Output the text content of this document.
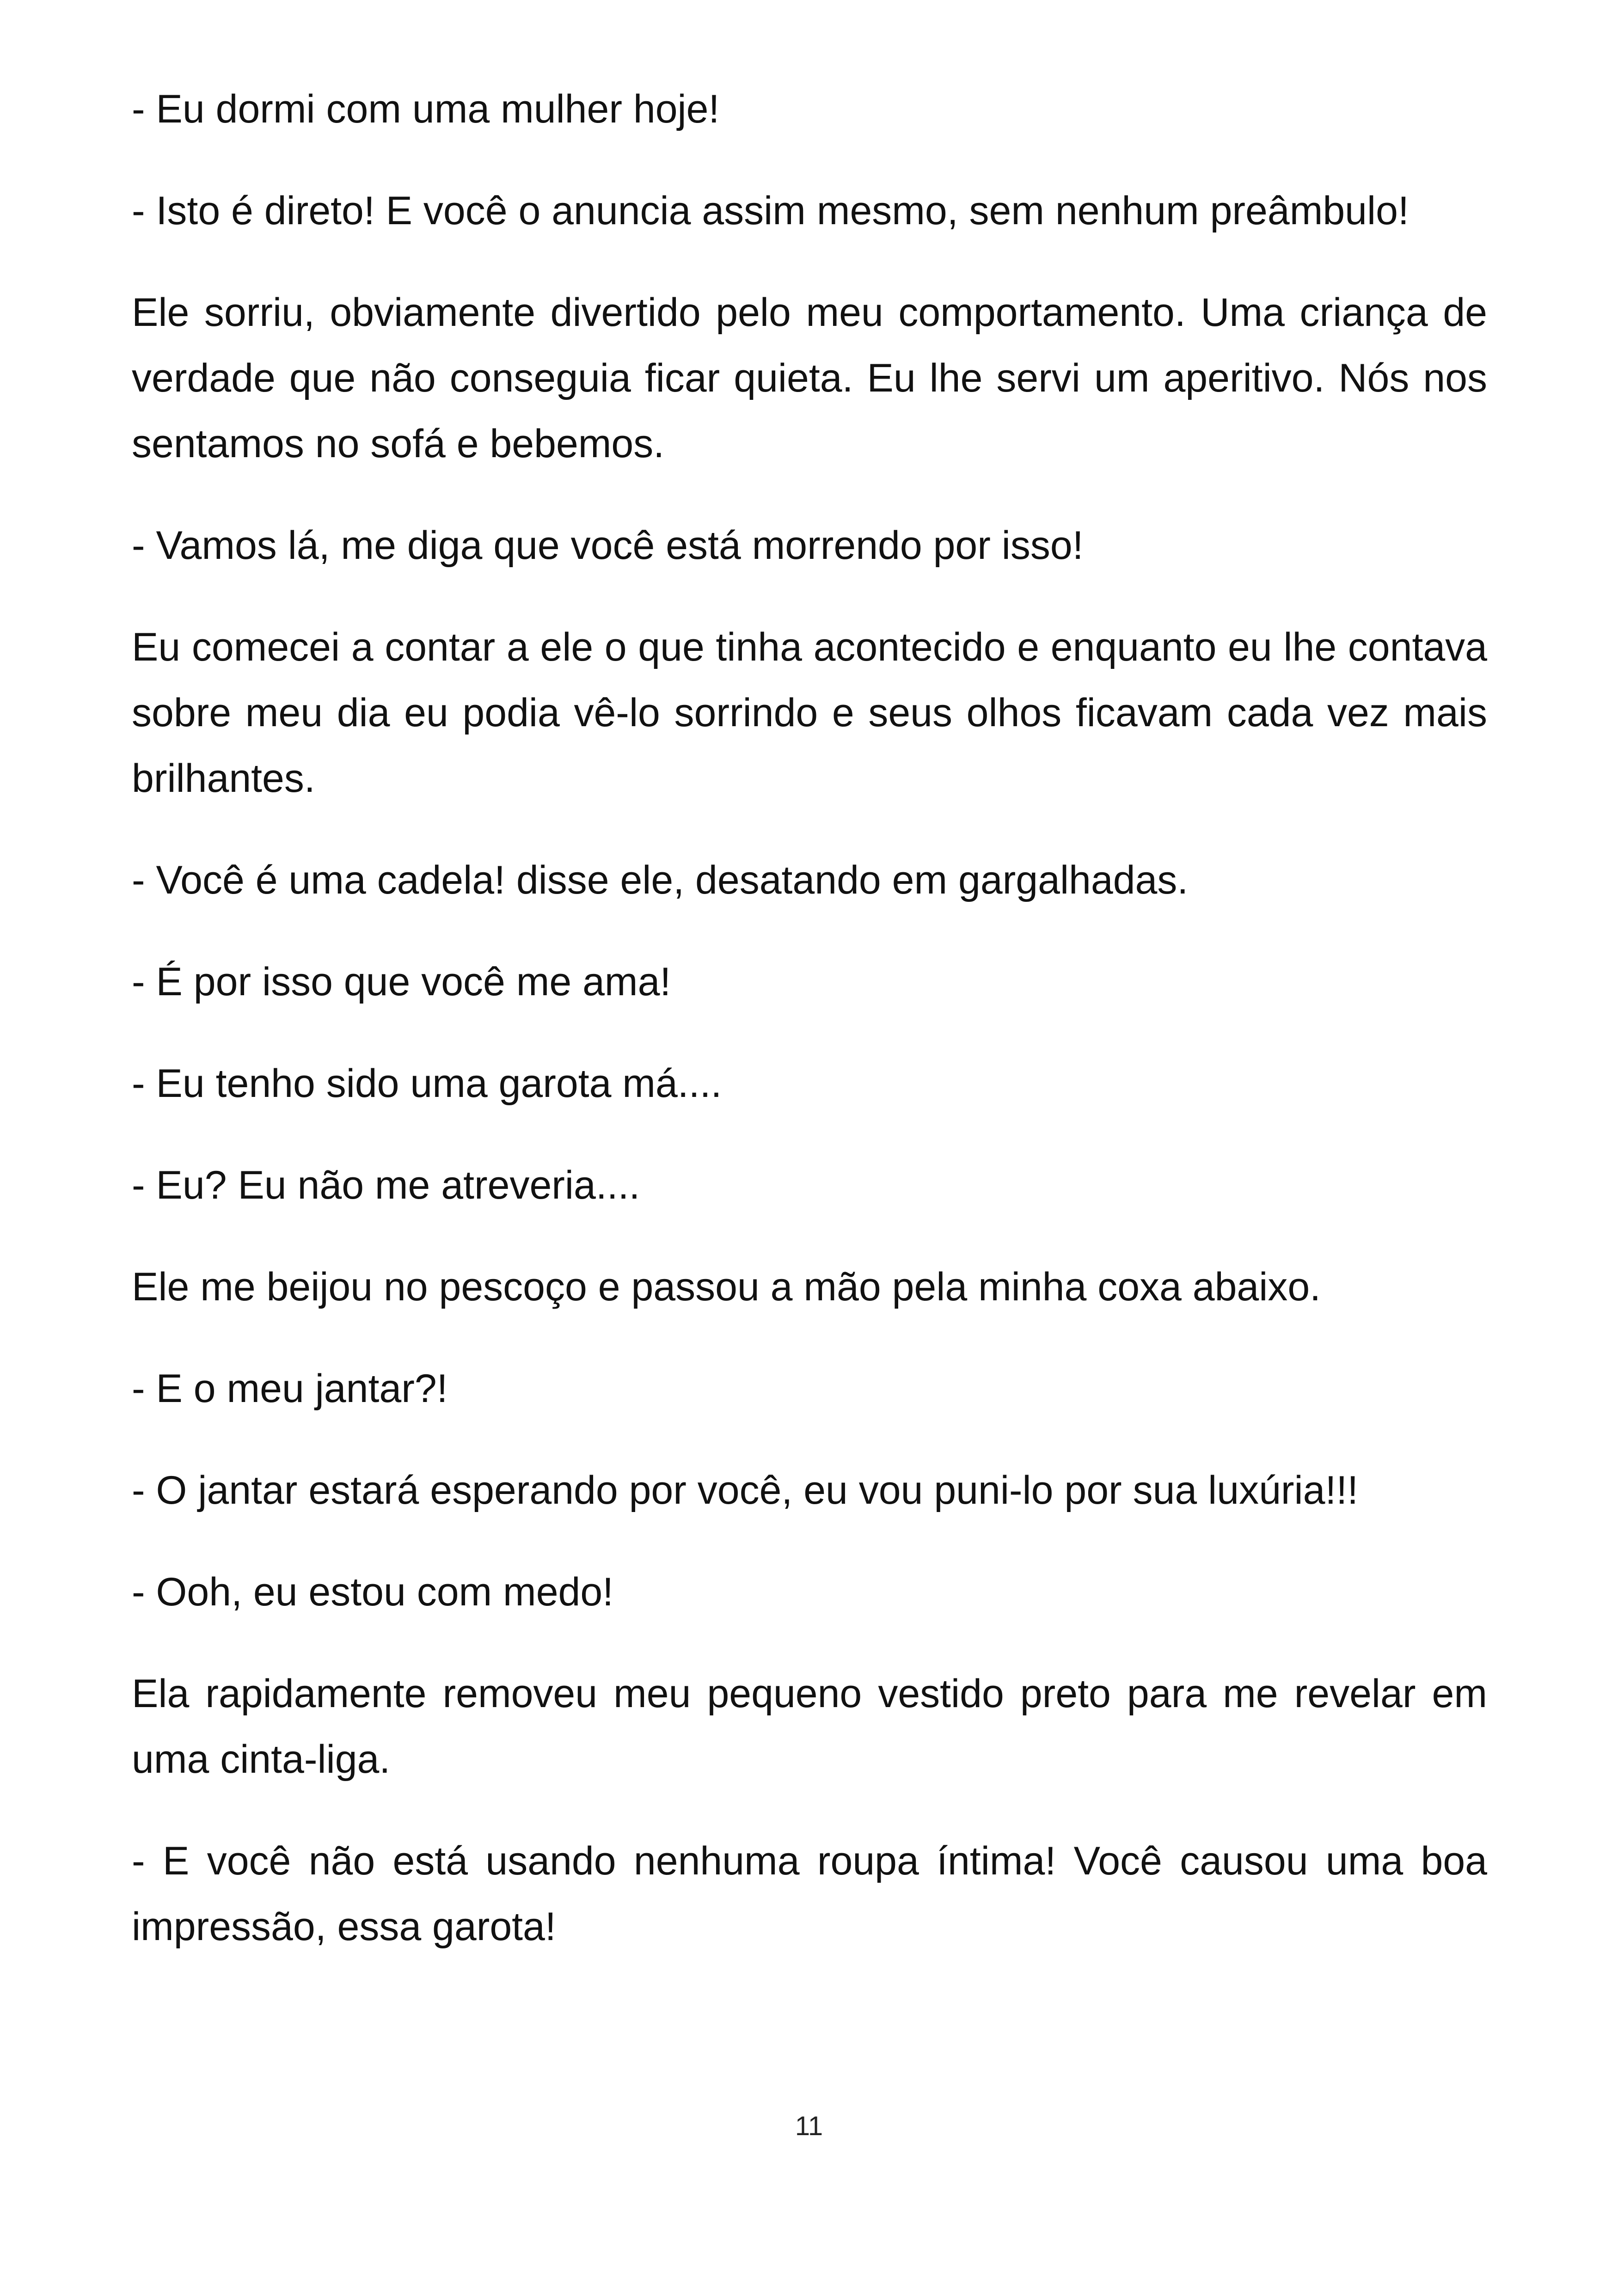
- Eu dormi com uma mulher hoje!

- Isto é direto! E você o anuncia assim mesmo, sem nenhum preâmbulo!

Ele sorriu, obviamente divertido pelo meu comportamento. Uma criança de verdade que não conseguia ficar quieta. Eu lhe servi um aperitivo. Nós nos sentamos no sofá e bebemos.

- Vamos lá, me diga que você está morrendo por isso!

Eu comecei a contar a ele o que tinha acontecido e enquanto eu lhe contava sobre meu dia eu podia vê-lo sorrindo e seus olhos ficavam cada vez mais brilhantes.

- Você é uma cadela! disse ele, desatando em gargalhadas.

- É por isso que você me ama!

- Eu tenho sido uma garota má....

- Eu? Eu não me atreveria....

Ele me beijou no pescoço e passou a mão pela minha coxa abaixo.

- E o meu jantar?!

- O jantar estará esperando por você, eu vou puni-lo por sua luxúria!!!

- Ooh, eu estou com medo!

Ela rapidamente removeu meu pequeno vestido preto para me revelar em uma cinta-liga.

- E você não está usando nenhuma roupa íntima! Você causou uma boa impressão, essa garota!

11
